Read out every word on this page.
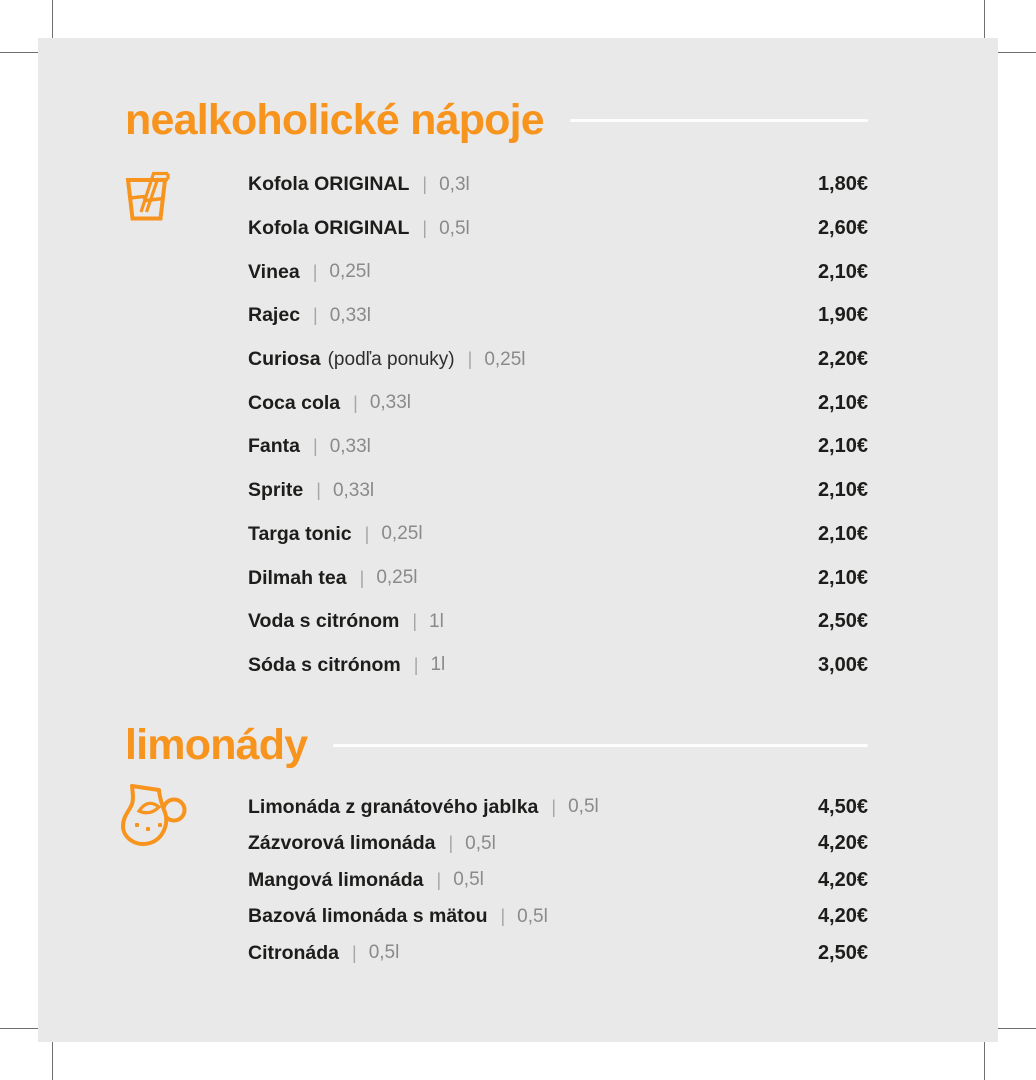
nealkoholické nápoje
Kofola ORIGINAL | 0,3l	1,80€
Kofola ORIGINAL | 0,5l	2,60€
Vinea | 0,25l	2,10€
Rajec | 0,33l	1,90€
Curiosa (podľa ponuky) | 0,25l	2,20€
Coca cola | 0,33l	2,10€
Fanta | 0,33l	2,10€
Sprite | 0,33l	2,10€
Targa tonic | 0,25l	2,10€
Dilmah tea | 0,25l	2,10€
Voda s citrónom | 1l	2,50€
Sóda s citrónom | 1l	3,00€
limonády
Limonáda z granátového jablka | 0,5l	4,50€
Zázvorová limonáda | 0,5l	4,20€
Mangová limonáda | 0,5l	4,20€
Bazová limonáda s mätou | 0,5l	4,20€
Citronáda | 0,5l	2,50€
